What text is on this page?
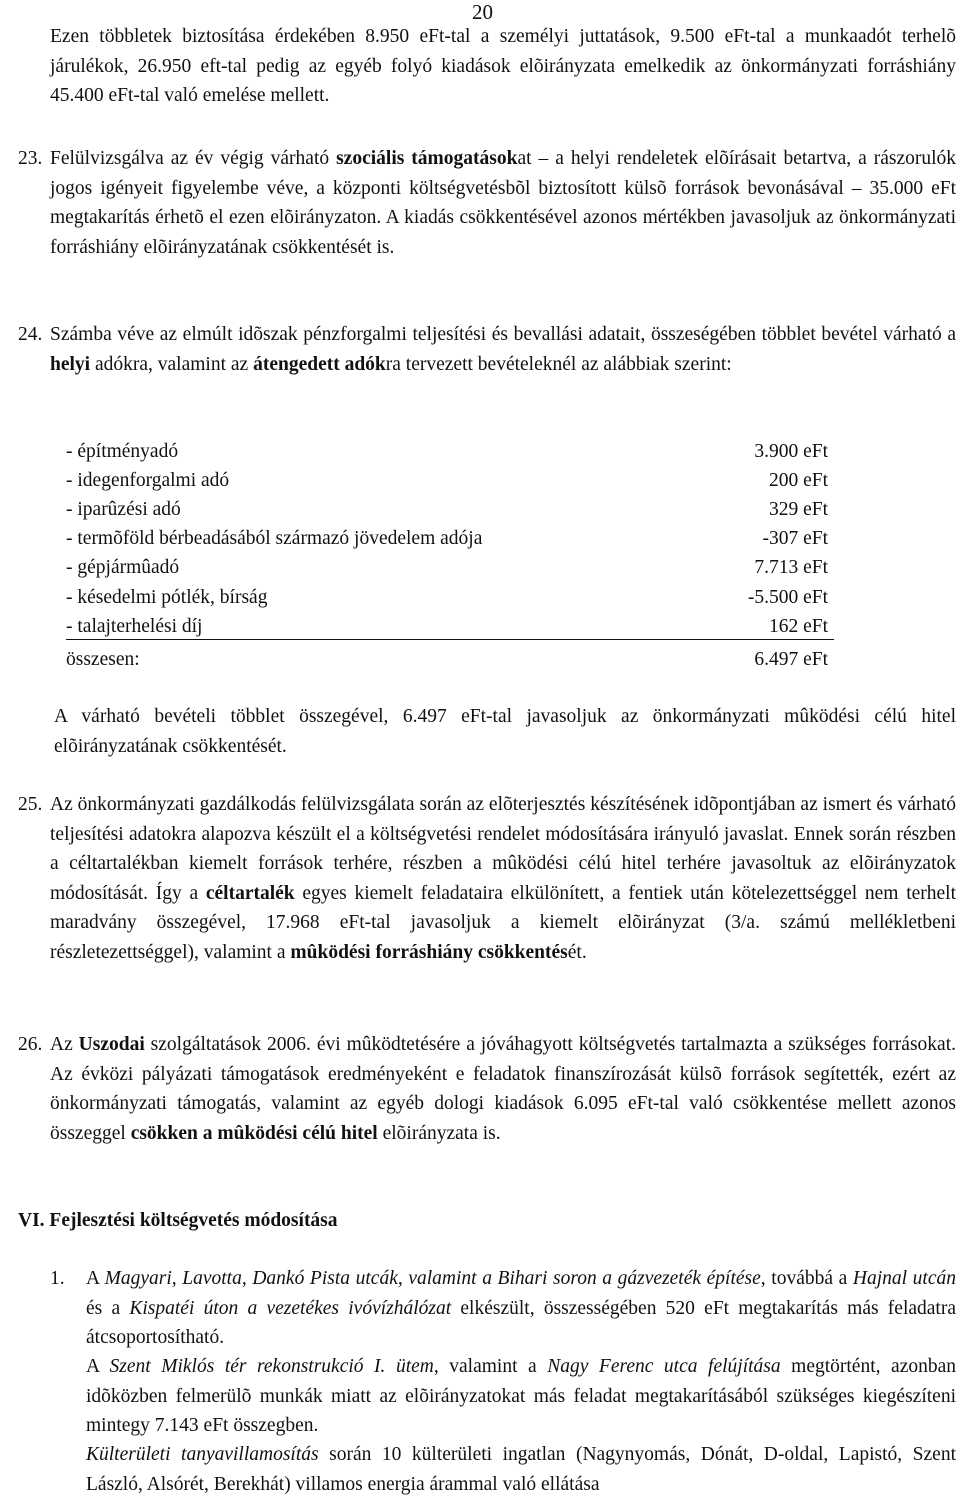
20
Ezen többletek biztosítása érdekében 8.950 eFt-tal a személyi juttatások, 9.500 eFt-tal a munkaadót terhelõ járulékok, 26.950 eft-tal pedig az egyéb folyó kiadások elõirányzata emelkedik az önkormányzati forráshiány 45.400 eFt-tal való emelése mellett.
23. Felülvizsgálva az év végig várható szociális támogatásokat – a helyi rendeletek elõírásait betartva, a rászorulók jogos igényeit figyelembe véve, a központi költségvetésbõl biztosított külsõ források bevonásával – 35.000 eFt megtakarítás érhetõ el ezen elõirányzaton. A kiadás csökkentésével azonos mértékben javasoljuk az önkormányzati forráshiány elõirányzatának csökkentését is.
24. Számba véve az elmúlt idõszak pénzforgalmi teljesítési és bevallási adatait, összeségében többlet bevétel várható a helyi adókra, valamint az átengedett adókra tervezett bevételeknél az alábbiak szerint:
- építményadó	3.900 eFt
- idegenforgalmi adó	200 eFt
- iparûzési adó	329 eFt
- termõföld bérbeadásából származó jövedelem adója	-307 eFt
- gépjármûadó	7.713 eFt
- késedelmi pótlék, bírság	-5.500 eFt
- talajterhelési díj	162 eFt
összesen:	6.497 eFt
A várható bevételi többlet összegével, 6.497 eFt-tal javasoljuk az önkormányzati mûködési célú hitel elõirányzatának csökkentését.
25. Az önkormányzati gazdálkodás felülvizsgálata során az elõterjesztés készítésének idõpontjában az ismert és várható teljesítési adatokra alapozva készült el a költségvetési rendelet módosítására irányuló javaslat. Ennek során részben a céltartalékban kiemelt források terhére, részben a mûködési célú hitel terhére javasoltuk az elõirányzatok módosítását. Így a céltartalék egyes kiemelt feladataira elkülönített, a fentiek után kötelezettséggel nem terhelt maradvány összegével, 17.968 eFt-tal javasoljuk a kiemelt elõirányzat (3/a. számú mellékletbeni részletezettséggel), valamint a mûködési forráshiány csökkentését.
26. Az Uszodai szolgáltatások 2006. évi mûködtetésére a jóváhagyott költségvetés tartalmazta a szükséges forrásokat. Az évközi pályázati támogatások eredményeként e feladatok finanszírozását külsõ források segítették, ezért az önkormányzati támogatás, valamint az egyéb dologi kiadások 6.095 eFt-tal való csökkentése mellett azonos összeggel csökken a mûködési célú hitel elõirányzata is.
VI. Fejlesztési költségvetés módosítása
1. A Magyari, Lavotta, Dankó Pista utcák, valamint a Bihari soron a gázvezeték építése, továbbá a Hajnal utcán és a Kispatéi úton a vezetékes ivóvízhálózat elkészült, összességében 520 eFt megtakarítás más feladatra átcsoportosítható.
A Szent Miklós tér rekonstrukció I. ütem, valamint a Nagy Ferenc utca felújítása megtörtént, azonban idõközben felmerülõ munkák miatt az elõirányzatokat más feladat megtakarításából szükséges kiegészíteni mintegy 7.143 eFt összegben.
Külterületi tanyavillamosítás során 10 külterületi ingatlan (Nagynyomás, Dónát, D-oldal, Lapistó, Szent László, Alsórét, Berekhát) villamos energia árammal való ellátása
